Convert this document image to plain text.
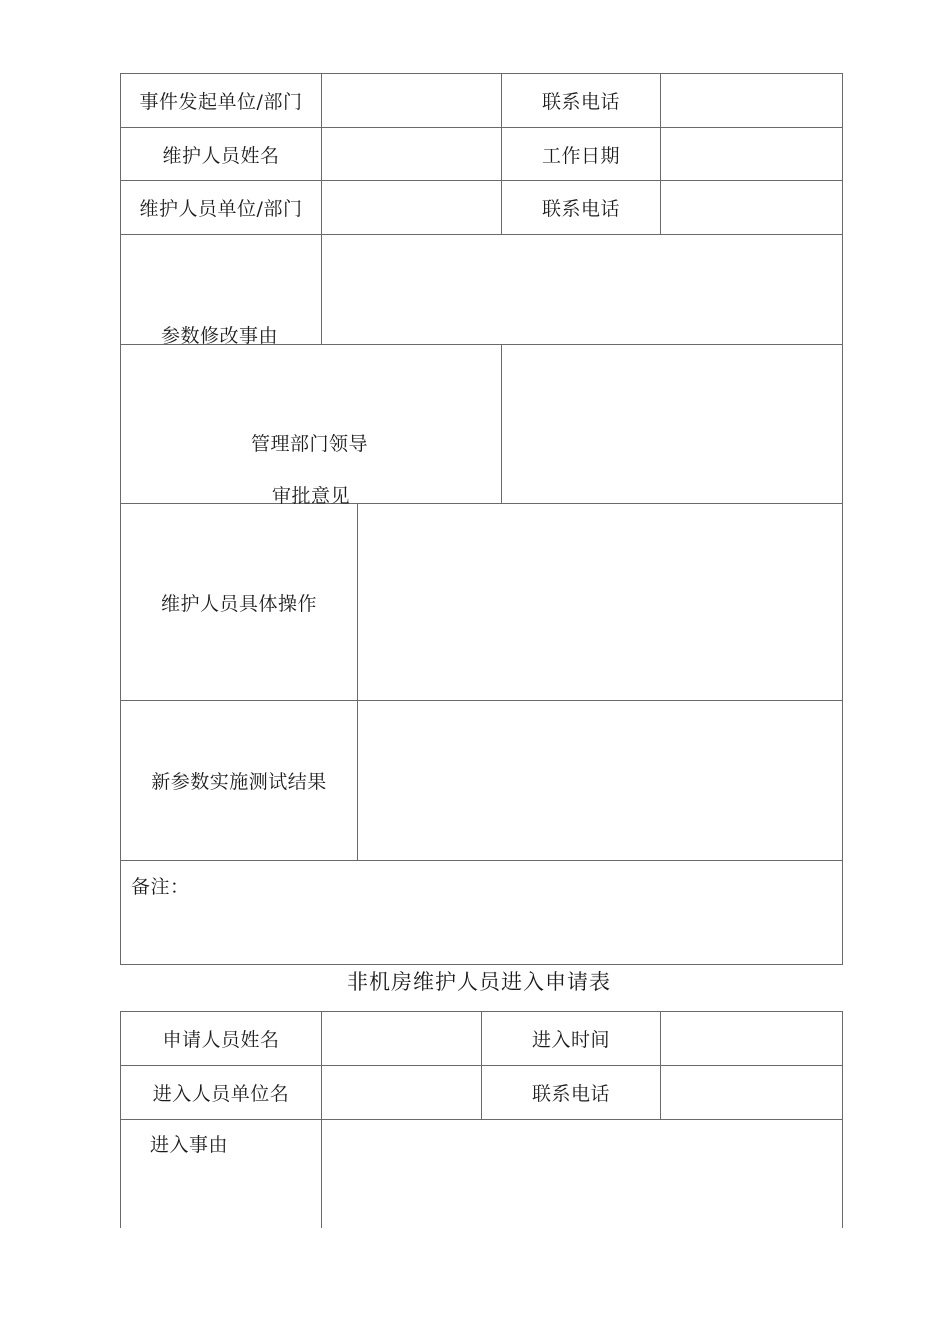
事件发起单位/部门	联系电话
维护人员姓名	工作日期
维护人员单位/部门	联系电话
参数修改事由
管理部门领导
审批意见
维护人员具体操作
新参数实施测试结果
备注：
非机房维护人员进入申请表
申请人员姓名	进入时间
进入人员单位名	联系电话
进入事由
